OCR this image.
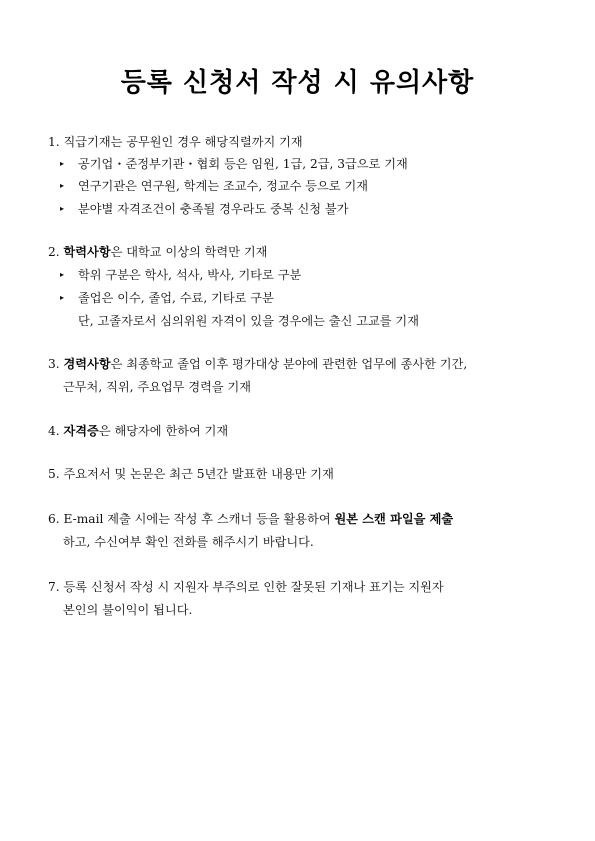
등록 신청서 작성 시 유의사항
1. 직급기재는 공무원인 경우 해당직렬까지 기재
▸ 공기업・준정부기관・협회 등은 임원, 1급, 2급, 3급으로 기재
▸ 연구기관은 연구원, 학계는 조교수, 정교수 등으로 기재
▸ 분야별 자격조건이 충족될 경우라도 중복 신청 불가
2. 학력사항은 대학교 이상의 학력만 기재
▸ 학위 구분은 학사, 석사, 박사, 기타로 구분
▸ 졸업은 이수, 졸업, 수료, 기타로 구분
단, 고졸자로서 심의위원 자격이 있을 경우에는 출신 고교를 기재
3. 경력사항은 최종학교 졸업 이후 평가대상 분야에 관련한 업무에 종사한 기간,
근무처, 직위, 주요업무 경력을 기재
4. 자격증은 해당자에 한하여 기재
5. 주요저서 및 논문은 최근 5년간 발표한 내용만 기재
6. E-mail 제출 시에는 작성 후 스캐너 등을 활용하여 원본 스캔 파일을 제출
하고, 수신여부 확인 전화를 해주시기 바랍니다.
7. 등록 신청서 작성 시 지원자 부주의로 인한 잘못된 기재나 표기는 지원자
본인의 불이익이 됩니다.
